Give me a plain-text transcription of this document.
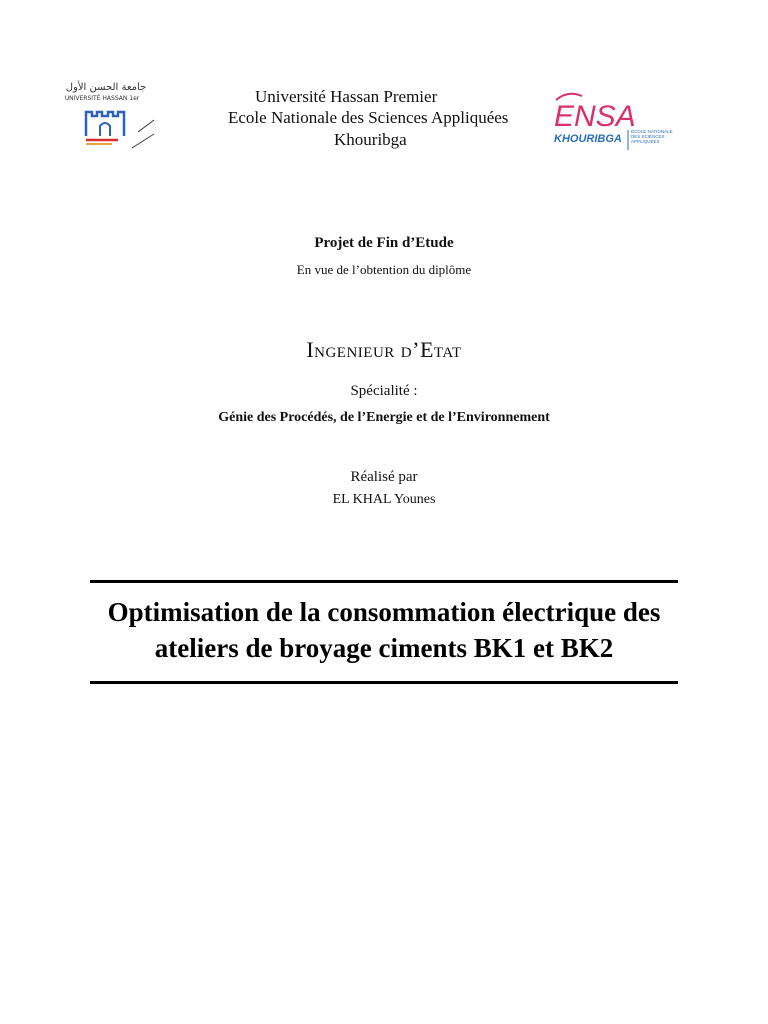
جامعة الحسن الأول
UNIVERSITÉ HASSAN 1er	Université Hassan Premier
Ecole Nationale des Sciences Appliquées
Khouribga
ENSA
KHOURIBGA
ÉCOLE NATIONALE DES SCIENCES APPLIQUÉES
Projet de Fin d’Etude
En vue de l’obtention du diplôme
Ingenieur d’Etat
Spécialité :
Génie des Procédés, de l’Energie et de l’Environnement
Réalisé par
EL KHAL Younes
Optimisation de la consommation électrique des
ateliers de broyage ciments BK1 et BK2
